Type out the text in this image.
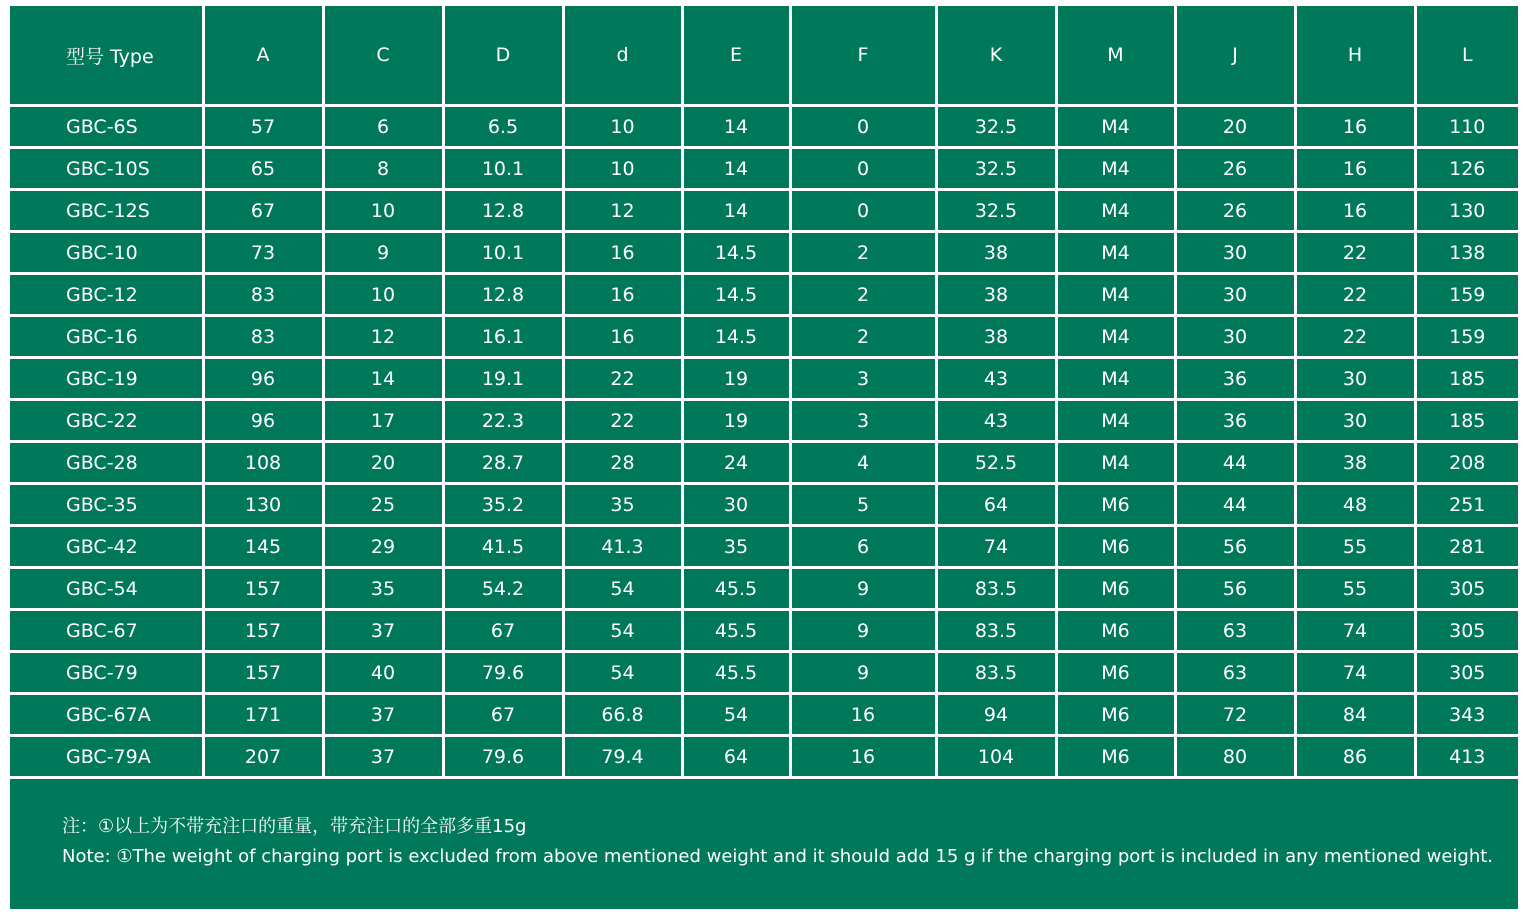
型号 Type	A	C	D	d	E	F	K	M	J	H	L
GBC-6S	57	6	6.5	10	14	0	32.5	M4	20	16	110
GBC-10S	65	8	10.1	10	14	0	32.5	M4	26	16	126
GBC-12S	67	10	12.8	12	14	0	32.5	M4	26	16	130
GBC-10	73	9	10.1	16	14.5	2	38	M4	30	22	138
GBC-12	83	10	12.8	16	14.5	2	38	M4	30	22	159
GBC-16	83	12	16.1	16	14.5	2	38	M4	30	22	159
GBC-19	96	14	19.1	22	19	3	43	M4	36	30	185
GBC-22	96	17	22.3	22	19	3	43	M4	36	30	185
GBC-28	108	20	28.7	28	24	4	52.5	M4	44	38	208
GBC-35	130	25	35.2	35	30	5	64	M6	44	48	251
GBC-42	145	29	41.5	41.3	35	6	74	M6	56	55	281
GBC-54	157	35	54.2	54	45.5	9	83.5	M6	56	55	305
GBC-67	157	37	67	54	45.5	9	83.5	M6	63	74	305
GBC-79	157	40	79.6	54	45.5	9	83.5	M6	63	74	305
GBC-67A	171	37	67	66.8	54	16	94	M6	72	84	343
GBC-79A	207	37	79.6	79.4	64	16	104	M6	80	86	413
注：①以上为不带充注口的重量，带充注口的全部多重15g
Note: ①The weight of charging port is excluded from above mentioned weight and it should add 15 g if the charging port is included in any mentioned weight.
